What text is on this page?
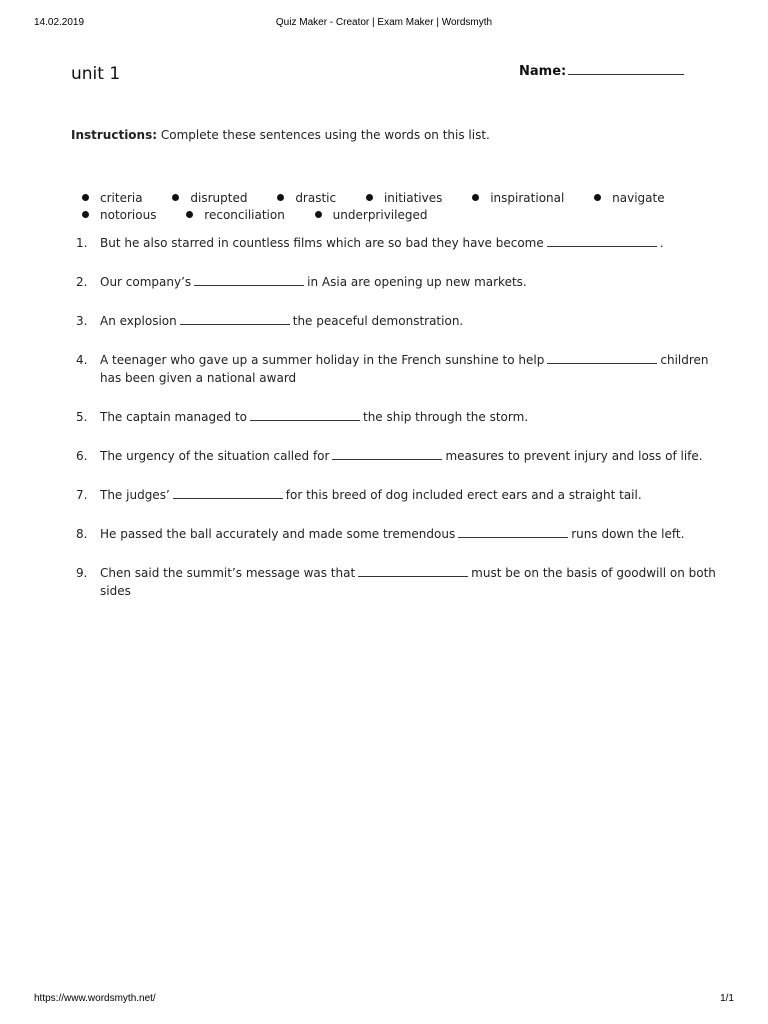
14.02.2019	Quiz Maker - Creator | Exam Maker | Wordsmyth
unit 1	Name:
Instructions: Complete these sentences using the words on this list.
criteria	disrupted	drastic	initiatives	inspirational	navigate
notorious	reconciliation	underprivileged
1.	But he also starred in countless films which are so bad they have become	.
2.	Our company’s	in Asia are opening up new markets.
3.	An explosion	the peaceful demonstration.
4.	A teenager who gave up a summer holiday in the French sunshine to help	children has been given a national award
5.	The captain managed to	the ship through the storm.
6.	The urgency of the situation called for	measures to prevent injury and loss of life.
7.	The judges’	for this breed of dog included erect ears and a straight tail.
8.	He passed the ball accurately and made some tremendous	runs down the left.
9.	Chen said the summit’s message was that	must be on the basis of goodwill on both sides
https://www.wordsmyth.net/	1/1
